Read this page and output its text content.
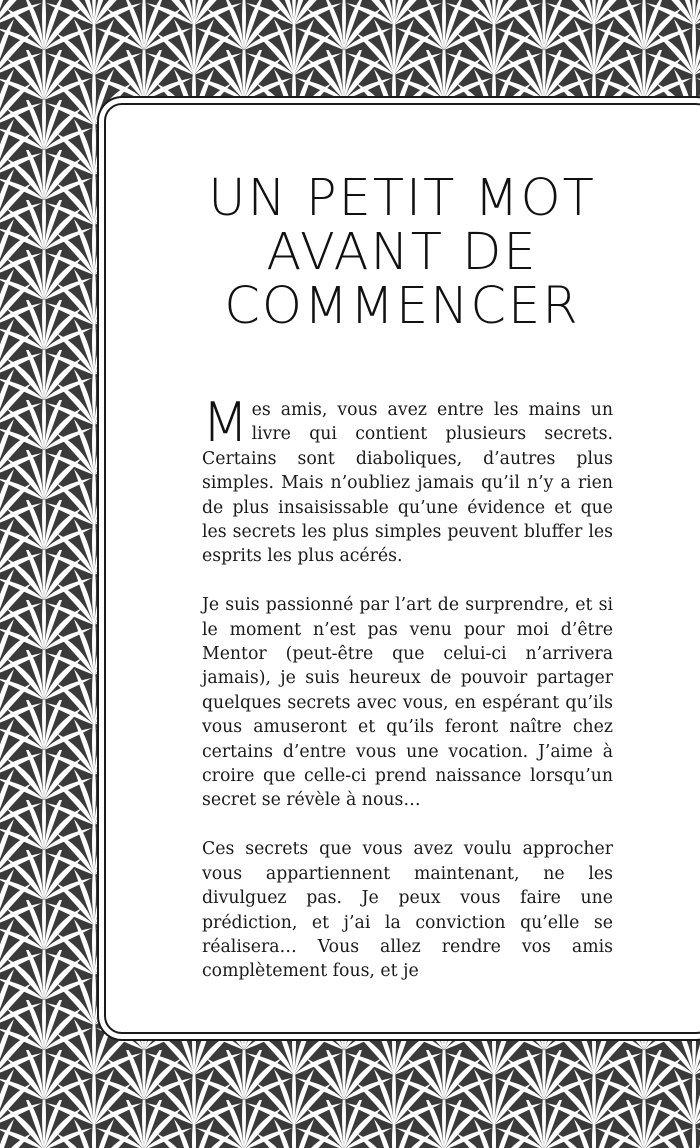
UN PETIT MOT
AVANT DE
COMMENCER

Mes amis, vous avez entre les mains un livre qui contient plusieurs secrets. Certains sont diaboliques, d’autres plus simples. Mais n’oubliez jamais qu’il n’y a rien de plus insaisissable qu’une évidence et que les secrets les plus simples peuvent bluffer les esprits les plus acérés.

Je suis passionné par l’art de surprendre, et si le moment n’est pas venu pour moi d’être Mentor (peut-être que celui-ci n’arrivera jamais), je suis heureux de pouvoir partager quelques secrets avec vous, en espérant qu’ils vous amuseront et qu’ils feront naître chez certains d’entre vous une vocation. J’aime à croire que celle-ci prend naissance lorsqu’un secret se révèle à nous…

Ces secrets que vous avez voulu approcher vous appartiennent maintenant, ne les divulguez pas. Je peux vous faire une prédiction, et j’ai la conviction qu’elle se réalisera… Vous allez rendre vos amis complètement fous, et je
